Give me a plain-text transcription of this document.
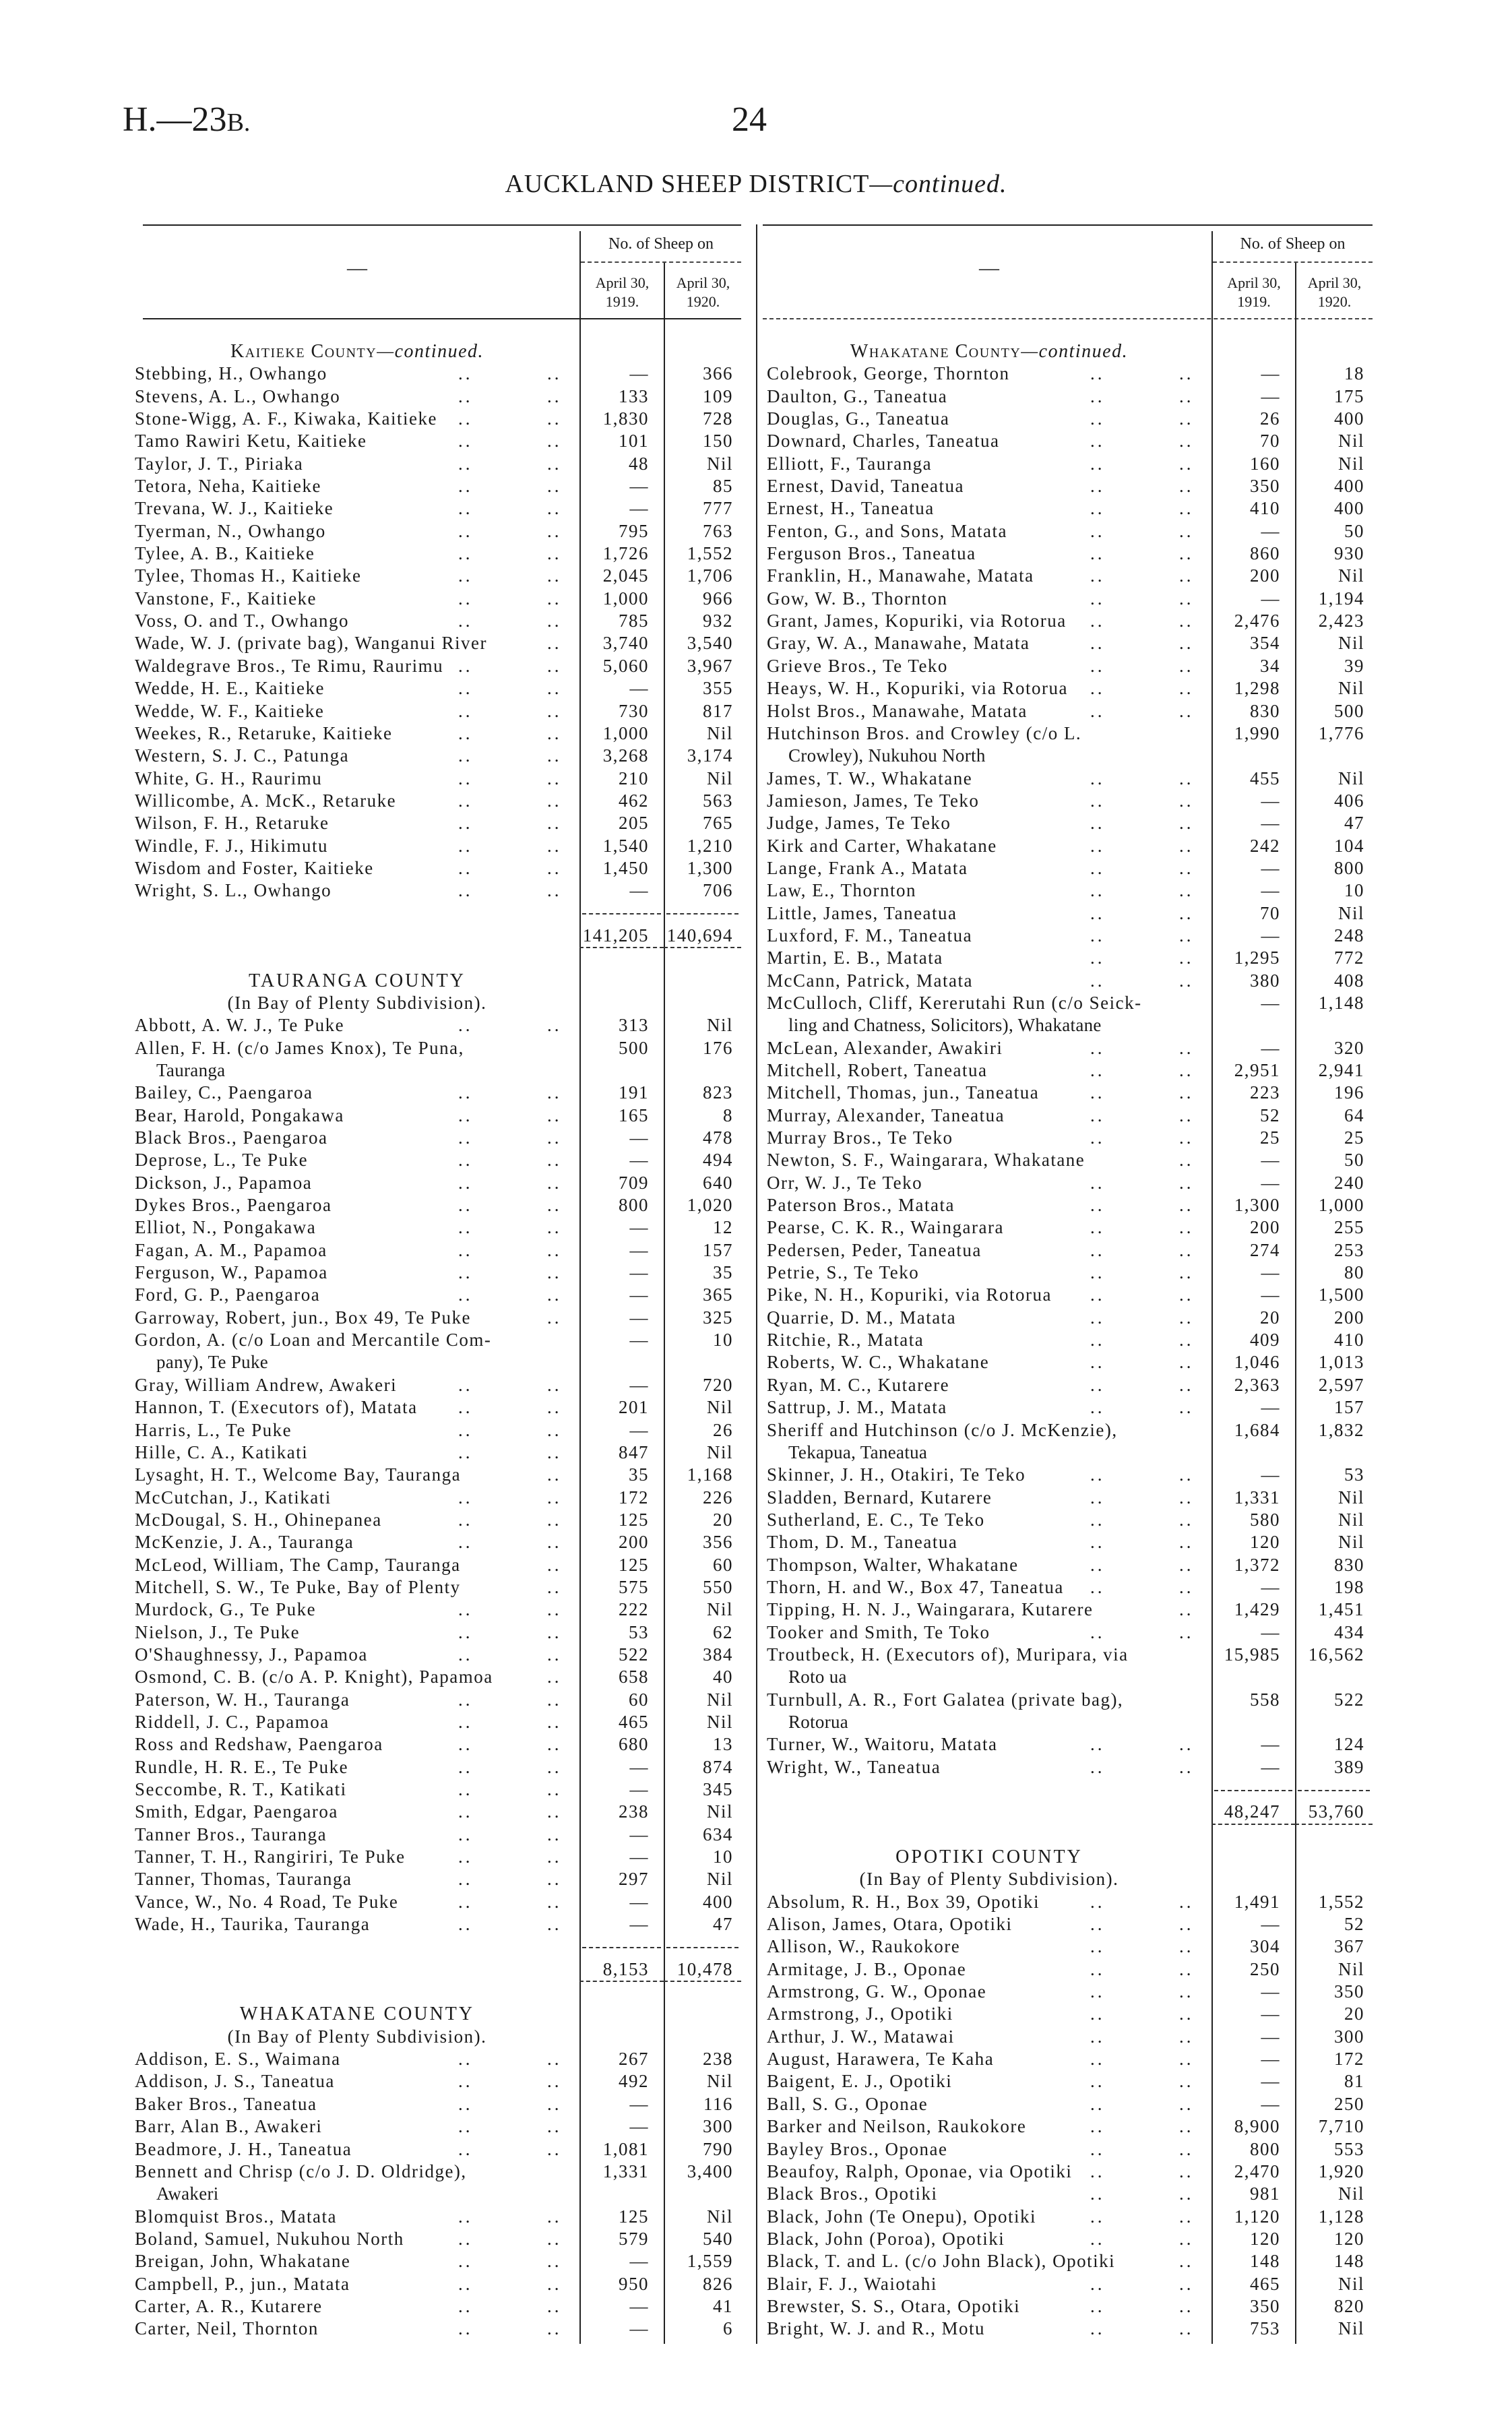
H.—23B.	24
AUCKLAND SHEEP DISTRICT—continued.
—
No. of Sheep on
April 30,
1919.
April 30,
1920.
—
No. of Sheep on
April 30,
1919.
April 30,
1920.
Kaitieke County—continued.
Stebbing, H., Owhango	..	..	—	366
Stevens, A. L., Owhango	..	..	133	109
Stone-Wigg, A. F., Kiwaka, Kaitieke ..	..	1,830	728
Tamo Rawiri Ketu, Kaitieke	..	..	101	150
Taylor, J. T., Piriaka	..	..	48	Nil
Tetora, Neha, Kaitieke	..	..	—	85
Trevana, W. J., Kaitieke	..	..	—	777
Tyerman, N., Owhango	..	..	795	763
Tylee, A. B., Kaitieke	..	..	1,726	1,552
Tylee, Thomas H., Kaitieke	..	..	2,045	1,706
Vanstone, F., Kaitieke	..	..	1,000	966
Voss, O. and T., Owhango	..	..	785	932
Wade, W. J. (private bag), Wanganui River	..	3,740	3,540
Waldegrave Bros., Te Rimu, Raurimu ..	..	5,060	3,967
Wedde, H. E., Kaitieke	..	..	—	355
Wedde, W. F., Kaitieke	..	..	730	817
Weekes, R., Retaruke, Kaitieke	..	..	1,000	Nil
Western, S. J. C., Patunga	..	..	3,268	3,174
White, G. H., Raurimu	..	..	210	Nil
Willicombe, A. McK., Retaruke	..	..	462	563
Wilson, F. H., Retaruke	..	..	205	765
Windle, F. J., Hikimutu	..	..	1,540	1,210
Wisdom and Foster, Kaitieke	..	..	1,450	1,300
Wright, S. L., Owhango	..	..	—	706
141,205 140,694
TAURANGA COUNTY
(In Bay of Plenty Subdivision).
Abbott, A. W. J., Te Puke	..	..	313	Nil
Allen, F. H. (c/o James Knox), Te Puna,
Tauranga
500	176
Bailey, C., Paengaroa	..	..	191	823
Bear, Harold, Pongakawa	..	..	165	8
Black Bros., Paengaroa	..	..	—	478
Deprose, L., Te Puke	..	..	—	494
Dickson, J., Papamoa	..	..	709	640
Dykes Bros., Paengaroa	..	..	800	1,020
Elliot, N., Pongakawa	..	..	—	12
Fagan, A. M., Papamoa	..	..	—	157
Ferguson, W., Papamoa	..	..	—	35
Ford, G. P., Paengaroa	..	..	—	365
Garroway, Robert, jun., Box 49, Te Puke	..	—	325
Gordon, A. (c/o Loan and Mercantile Com-
pany), Te Puke
—	10
Gray, William Andrew, Awakeri	..	..	—	720
Hannon, T. (Executors of), Matata ..	..	201	Nil
Harris, L., Te Puke	..	..	—	26
Hille, C. A., Katikati	..	..	847	Nil
Lysaght, H. T., Welcome Bay, Tauranga	..	35	1,168
McCutchan, J., Katikati	..	..	172	226
McDougal, S. H., Ohinepanea	..	..	125	20
McKenzie, J. A., Tauranga	..	..	200	356
McLeod, William, The Camp, Tauranga	..	125	60
Mitchell, S. W., Te Puke, Bay of Plenty	..	575	550
Murdock, G., Te Puke	..	..	222	Nil
Nielson, J., Te Puke	..	..	53	62
O'Shaughnessy, J., Papamoa	..	..	522	384
Osmond, C. B. (c/o A. P. Knight), Papamoa	..	658	40
Paterson, W. H., Tauranga	..	..	60	Nil
Riddell, J. C., Papamoa	..	..	465	Nil
Ross and Redshaw, Paengaroa	..	..	680	13
Rundle, H. R. E., Te Puke	..	..	—	874
Seccombe, R. T., Katikati	..	..	—	345
Smith, Edgar, Paengaroa	..	..	238	Nil
Tanner Bros., Tauranga	..	..	—	634
Tanner, T. H., Rangiriri, Te Puke	..	..	—	10
Tanner, Thomas, Tauranga	..	..	297	Nil
Vance, W., No. 4 Road, Te Puke	..	..	—	400
Wade, H., Taurika, Tauranga	..	..	—	47
8,153	10,478
WHAKATANE COUNTY
(In Bay of Plenty Subdivision).
Addison, E. S., Waimana	..	..	267	238
Addison, J. S., Taneatua	..	..	492	Nil
Baker Bros., Taneatua	..	..	—	116
Barr, Alan B., Awakeri	..	..	—	300
Beadmore, J. H., Taneatua	..	..	1,081	790
Bennett and Chrisp (c/o J. D. Oldridge),
Awakeri
1,331	3,400
Blomquist Bros., Matata	..	..	125	Nil
Boland, Samuel, Nukuhou North	..	..	579	540
Breigan, John, Whakatane	..	..	—	1,559
Campbell, P., jun., Matata	..	..	950	826
Carter, A. R., Kutarere	..	..	—	41
Carter, Neil, Thornton	..	..	—	6
Whakatane County—continued.
Colebrook, George, Thornton	..	..	—	18
Daulton, G., Taneatua	..	..	—	175
Douglas, G., Taneatua	..	..	26	400
Downard, Charles, Taneatua	..	..	70	Nil
Elliott, F., Tauranga	..	..	160	Nil
Ernest, David, Taneatua	..	..	350	400
Ernest, H., Taneatua	..	..	410	400
Fenton, G., and Sons, Matata	..	..	—	50
Ferguson Bros., Taneatua	..	..	860	930
Franklin, H., Manawahe, Matata	..	..	200	Nil
Gow, W. B., Thornton	..	..	—	1,194
Grant, James, Kopuriki, via Rotorua ..	..	2,476	2,423
Gray, W. A., Manawahe, Matata	..	..	354	Nil
Grieve Bros., Te Teko	..	..	34	39
Heays, W. H., Kopuriki, via Rotorua ..	..	1,298	Nil
Holst Bros., Manawahe, Matata	..	..	830	500
Hutchinson Bros. and Crowley (c/o L.
Crowley), Nukuhou North
1,990	1,776
James, T. W., Whakatane	..	..	455	Nil
Jamieson, James, Te Teko	..	..	—	406
Judge, James, Te Teko	..	..	—	47
Kirk and Carter, Whakatane	..	..	242	104
Lange, Frank A., Matata	..	..	—	800
Law, E., Thornton	..	..	—	10
Little, James, Taneatua	..	..	70	Nil
Luxford, F. M., Taneatua	..	..	—	248
Martin, E. B., Matata	..	..	1,295	772
McCann, Patrick, Matata	..	..	380	408
McCulloch, Cliff, Kererutahi Run (c/o Seick-
ling and Chatness, Solicitors), Whakatane
—	1,148
McLean, Alexander, Awakiri	..	..	—	320
Mitchell, Robert, Taneatua	..	..	2,951	2,941
Mitchell, Thomas, jun., Taneatua	..	..	223	196
Murray, Alexander, Taneatua	..	..	52	64
Murray Bros., Te Teko	..	..	25	25
Newton, S. F., Waingarara, Whakatane	..	—	50
Orr, W. J., Te Teko	..	..	—	240
Paterson Bros., Matata	..	..	1,300	1,000
Pearse, C. K. R., Waingarara	..	..	200	255
Pedersen, Peder, Taneatua	..	..	274	253
Petrie, S., Te Teko	..	..	—	80
Pike, N. H., Kopuriki, via Rotorua ..	..	—	1,500
Quarrie, D. M., Matata	..	..	20	200
Ritchie, R., Matata	..	..	409	410
Roberts, W. C., Whakatane	..	..	1,046	1,013
Ryan, M. C., Kutarere	..	..	2,363	2,597
Sattrup, J. M., Matata	..	..	—	157
Sheriff and Hutchinson (c/o J. McKenzie),
Tekapua, Taneatua
1,684	1,832
Skinner, J. H., Otakiri, Te Teko	..	..	—	53
Sladden, Bernard, Kutarere	..	..	1,331	Nil
Sutherland, E. C., Te Teko	..	..	580	Nil
Thom, D. M., Taneatua	..	..	120	Nil
Thompson, Walter, Whakatane	..	..	1,372	830
Thorn, H. and W., Box 47, Taneatua ..	..	—	198
Tipping, H. N. J., Waingarara, Kutarere	..	1,429	1,451
Tooker and Smith, Te Toko	..	..	—	434
Troutbeck, H. (Executors of), Muripara, via
Roto ua
15,985	16,562
Turnbull, A. R., Fort Galatea (private bag),
Rotorua
558	522
Turner, W., Waitoru, Matata	..	..	—	124
Wright, W., Taneatua	..	..	—	389
48,247	53,760
OPOTIKI COUNTY
(In Bay of Plenty Subdivision).
Absolum, R. H., Box 39, Opotiki	..	..	1,491	1,552
Alison, James, Otara, Opotiki	..	..	—	52
Allison, W., Raukokore	..	..	304	367
Armitage, J. B., Oponae	..	..	250	Nil
Armstrong, G. W., Oponae	..	..	—	350
Armstrong, J., Opotiki	..	..	—	20
Arthur, J. W., Matawai	..	..	—	300
August, Harawera, Te Kaha	..	..	—	172
Baigent, E. J., Opotiki	..	..	—	81
Ball, S. G., Oponae	..	..	—	250
Barker and Neilson, Raukokore	..	..	8,900	7,710
Bayley Bros., Oponae	..	..	800	553
Beaufoy, Ralph, Oponae, via Opotiki ..	..	2,470	1,920
Black Bros., Opotiki	..	..	981	Nil
Black, John (Te Onepu), Opotiki	..	..	1,120	1,128
Black, John (Poroa), Opotiki	..	..	120	120
Black, T. and L. (c/o John Black), Opotiki	..	148	148
Blair, F. J., Waiotahi	..	..	465	Nil
Brewster, S. S., Otara, Opotiki	..	..	350	820
Bright, W. J. and R., Motu	..	..	753	Nil
